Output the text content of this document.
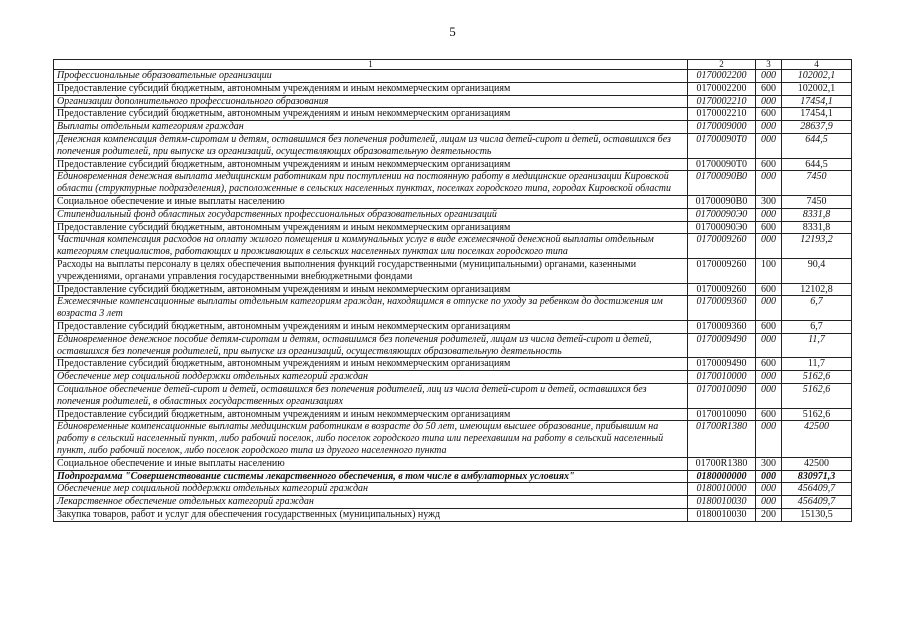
5
1	2	3	4
Профессиональные образовательные организации	0170002200	000	102002,1
Предоставление субсидий бюджетным, автономным учреждениям и иным некоммерческим организациям	0170002200	600	102002,1
Организации дополнительного профессионального образования	0170002210	000	17454,1
Предоставление субсидий бюджетным, автономным учреждениям и иным некоммерческим организациям	0170002210	600	17454,1
Выплаты отдельным категориям граждан	0170009000	000	28637,9
Денежная компенсация детям-сиротам и детям, оставшимся без попечения родителей, лицам из числа детей-сирот и детей, оставшихся без попечения родителей, при выпуске из организаций, осуществляющих образовательную деятельность	01700090Т0	000	644,5
Предоставление субсидий бюджетным, автономным учреждениям и иным некоммерческим организациям	01700090Т0	600	644,5
Единовременная денежная выплата медицинским работникам при поступлении на постоянную работу в медицинские организации Кировской области (структурные подразделения), расположенные в сельских населенных пунктах, поселках городского типа, городах Кировской области	01700090В0	000	7450
Социальное обеспечение и иные выплаты населению	01700090В0	300	7450
Стипендиальный фонд областных государственных профессиональных образовательных организаций	01700090Э0	000	8331,8
Предоставление субсидий бюджетным, автономным учреждениям и иным некоммерческим организациям	01700090Э0	600	8331,8
Частичная компенсация расходов на оплату жилого помещения и коммунальных услуг в виде ежемесячной денежной выплаты отдельным категориям специалистов, работающих и проживающих в сельских населенных пунктах или поселках городского типа	0170009260	000	12193,2
Расходы на выплаты персоналу в целях обеспечения выполнения функций государственными (муниципальными) органами, казенными учреждениями, органами управления государственными внебюджетными фондами	0170009260	100	90,4
Предоставление субсидий бюджетным, автономным учреждениям и иным некоммерческим организациям	0170009260	600	12102,8
Ежемесячные компенсационные выплаты отдельным категориям граждан, находящимся в отпуске по уходу за ребенком до достижения им возраста 3 лет	0170009360	000	6,7
Предоставление субсидий бюджетным, автономным учреждениям и иным некоммерческим организациям	0170009360	600	6,7
Единовременное денежное пособие детям-сиротам и детям, оставшимся без попечения родителей, лицам из числа детей-сирот и детей, оставшихся без попечения родителей, при выпуске из организаций, осуществляющих образовательную деятельность	0170009490	000	11,7
Предоставление субсидий бюджетным, автономным учреждениям и иным некоммерческим организациям	0170009490	600	11,7
Обеспечение мер социальной поддержки отдельных категорий граждан	0170010000	000	5162,6
Социальное обеспечение детей-сирот и детей, оставшихся без попечения родителей, лиц из числа детей-сирот и детей, оставшихся без попечения родителей, в областных государственных организациях	0170010090	000	5162,6
Предоставление субсидий бюджетным, автономным учреждениям и иным некоммерческим организациям	0170010090	600	5162,6
Единовременные компенсационные выплаты медицинским работникам в возрасте до 50 лет, имеющим высшее образование, прибывшим на работу в сельский населенный пункт, либо рабочий поселок, либо поселок городского типа или переехавшим на работу в сельский населенный пункт, либо рабочий поселок, либо поселок городского типа из другого населенного пункта	01700R1380	000	42500
Социальное обеспечение и иные выплаты населению	01700R1380	300	42500
Подпрограмма "Совершенствование системы лекарственного обеспечения, в том числе в амбулаторных условиях"	0180000000	000	830971,3
Обеспечение мер социальной поддержки отдельных категорий граждан	0180010000	000	456409,7
Лекарственное обеспечение отдельных категорий граждан	0180010030	000	456409,7
Закупка товаров, работ и услуг для обеспечения государственных (муниципальных) нужд	0180010030	200	15130,5
